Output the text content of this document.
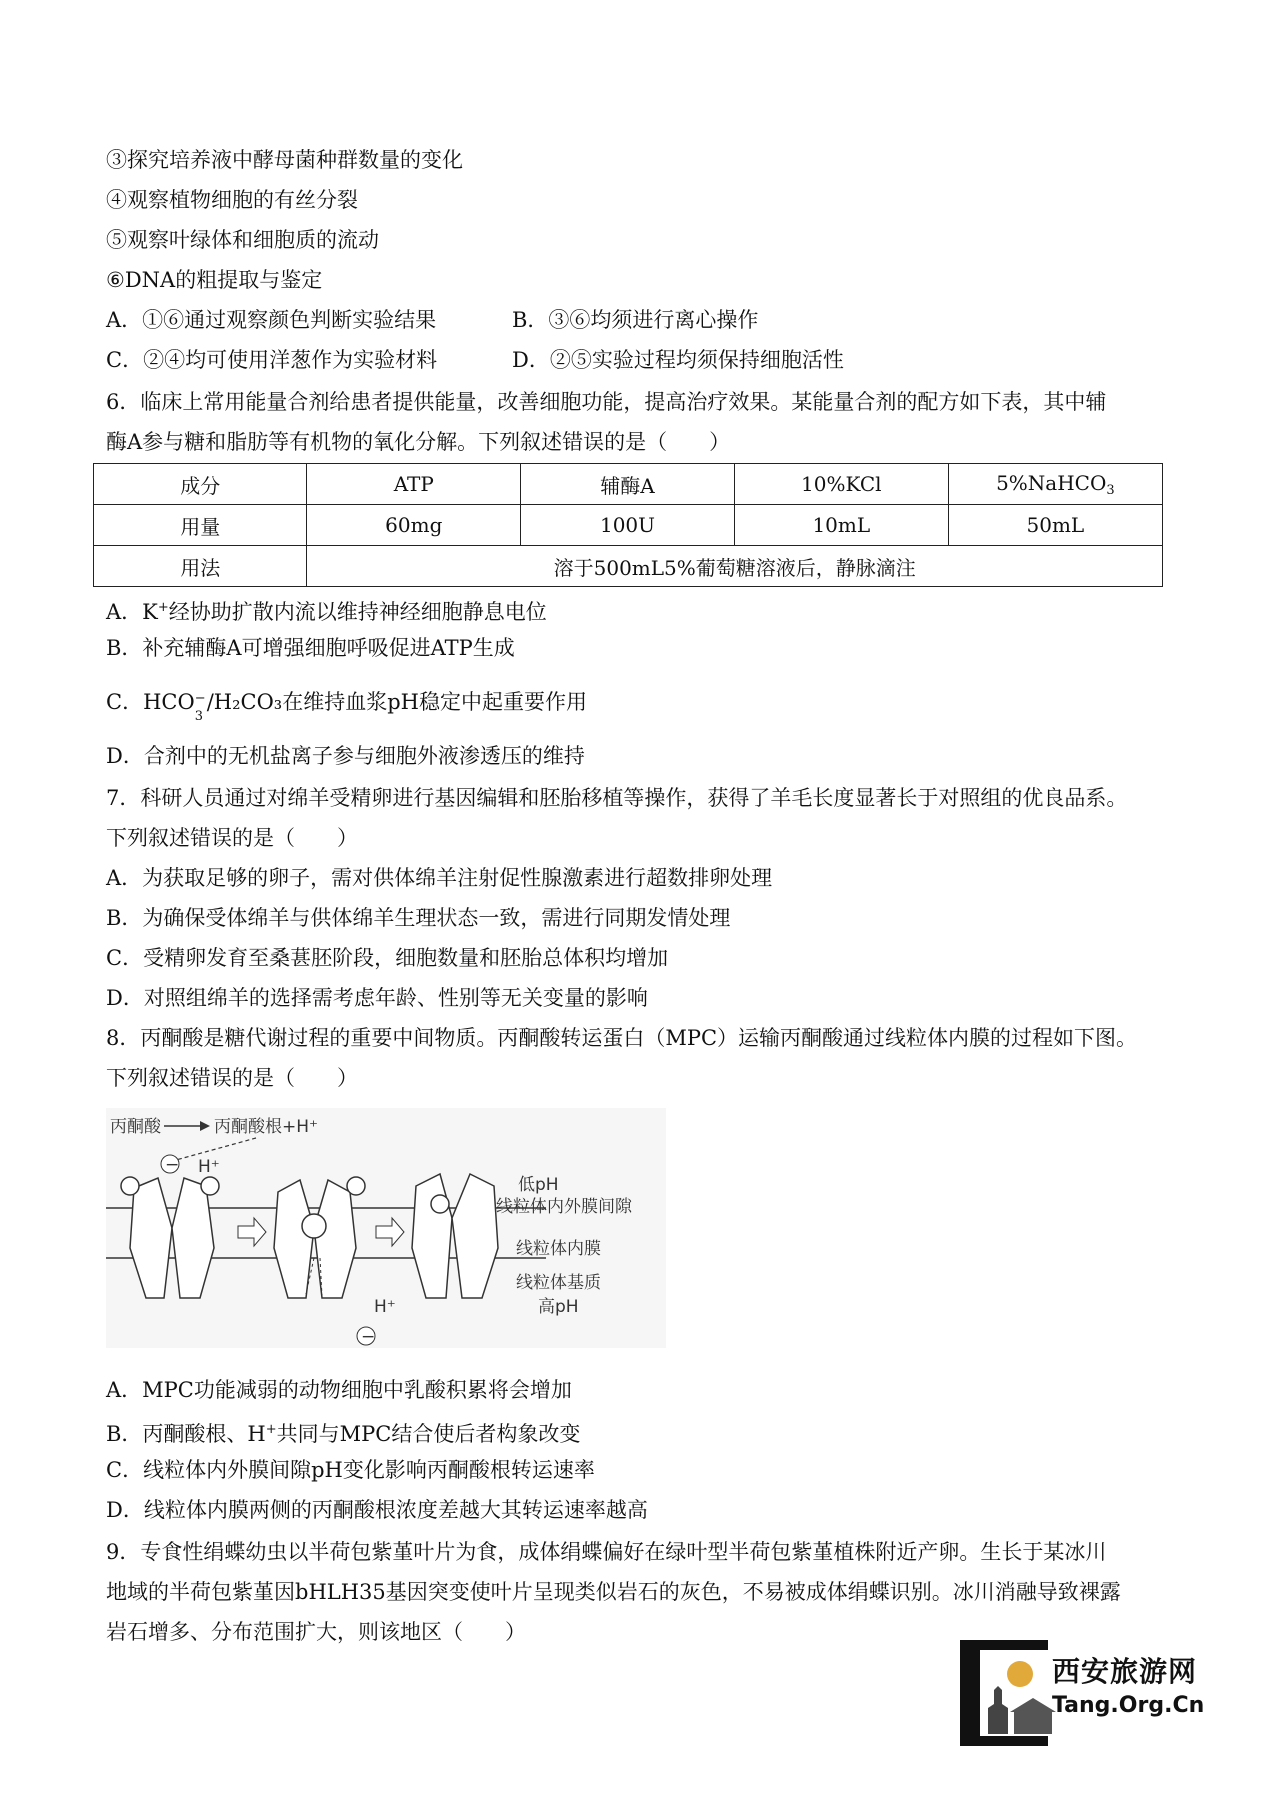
③探究培养液中酵母菌种群数量的变化
④观察植物细胞的有丝分裂
⑤观察叶绿体和细胞质的流动
⑥DNA的粗提取与鉴定
A．①⑥通过观察颜色判断实验结果	B．③⑥均须进行离心操作
C．②④均可使用洋葱作为实验材料	D．②⑤实验过程均须保持细胞活性
6．临床上常用能量合剂给患者提供能量，改善细胞功能，提高治疗效果。某能量合剂的配方如下表，其中辅
酶A参与糖和脂肪等有机物的氧化分解。下列叙述错误的是（　　）
成分	ATP	辅酶A	10%KCl	5%NaHCO$_3$
用量	60mg	100U	10mL	50mL
用法	溶于500mL5%葡萄糖溶液后，静脉滴注			
A．K+经协助扩散内流以维持神经细胞静息电位
B．补充辅酶A可增强细胞呼吸促进ATP生成
C．HCO −
3
/H₂CO₃在维持血浆pH稳定中起重要作用
D．合剂中的无机盐离子参与细胞外液渗透压的维持
7．科研人员通过对绵羊受精卵进行基因编辑和胚胎移植等操作，获得了羊毛长度显著长于对照组的优良品系。
下列叙述错误的是（　　）
A．为获取足够的卵子，需对供体绵羊注射促性腺激素进行超数排卵处理
B．为确保受体绵羊与供体绵羊生理状态一致，需进行同期发情处理
C．受精卵发育至桑葚胚阶段，细胞数量和胚胎总体积均增加
D．对照组绵羊的选择需考虑年龄、性别等无关变量的影响
8．丙酮酸是糖代谢过程的重要中间物质。丙酮酸转运蛋白（MPC）运输丙酮酸通过线粒体内膜的过程如下图。
下列叙述错误的是（　　）
丙酮酸	丙酮酸根+H⁺
− H⁺
−
H⁺
低pH
线粒体内外膜间隙
线粒体内膜
线粒体基质
高pH
A．MPC功能减弱的动物细胞中乳酸积累将会增加
B．丙酮酸根、H+共同与MPC结合使后者构象改变
C．线粒体内外膜间隙pH变化影响丙酮酸根转运速率
D．线粒体内膜两侧的丙酮酸根浓度差越大其转运速率越高
9．专食性绢蝶幼虫以半荷包紫堇叶片为食，成体绢蝶偏好在绿叶型半荷包紫堇植株附近产卵。生长于某冰川
地域的半荷包紫堇因bHLH35基因突变使叶片呈现类似岩石的灰色，不易被成体绢蝶识别。冰川消融导致裸露
岩石增多、分布范围扩大，则该地区（　　）
西安旅游网
Tang.Org.Cn
